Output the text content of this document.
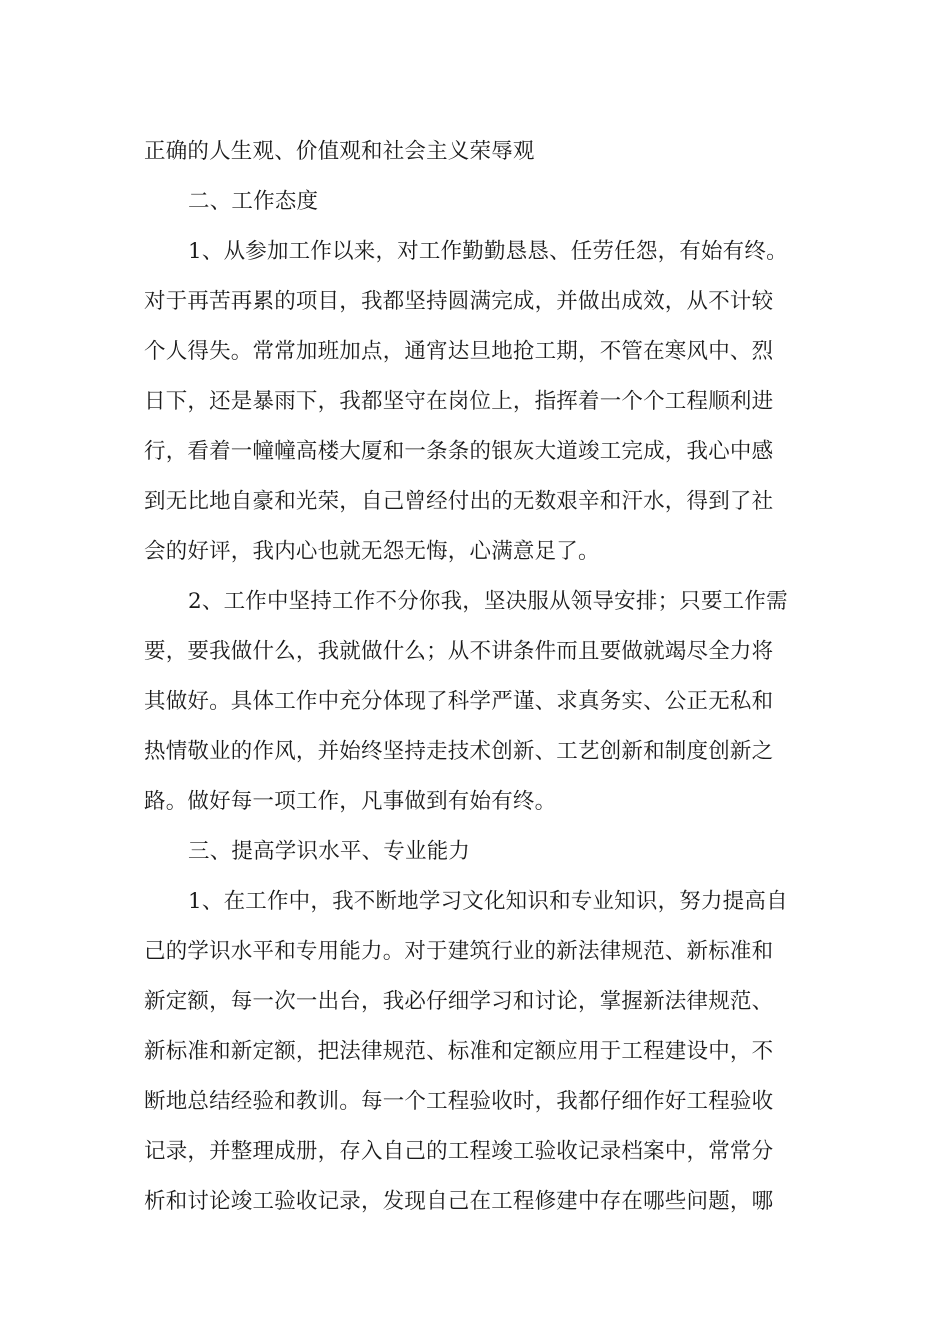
正确的人生观、价值观和社会主义荣辱观
二、工作态度
1、从参加工作以来，对工作勤勤恳恳、任劳任怨，有始有终。
对于再苦再累的项目，我都坚持圆满完成，并做出成效，从不计较
个人得失。常常加班加点，通宵达旦地抢工期，不管在寒风中、烈
日下，还是暴雨下，我都坚守在岗位上，指挥着一个个工程顺利进
行，看着一幢幢高楼大厦和一条条的银灰大道竣工完成，我心中感
到无比地自豪和光荣，自己曾经付出的无数艰辛和汗水，得到了社
会的好评，我内心也就无怨无悔，心满意足了。
2、工作中坚持工作不分你我，坚决服从领导安排；只要工作需
要，要我做什么，我就做什么；从不讲条件而且要做就竭尽全力将
其做好。具体工作中充分体现了科学严谨、求真务实、公正无私和
热情敬业的作风，并始终坚持走技术创新、工艺创新和制度创新之
路。做好每一项工作，凡事做到有始有终。
三、提高学识水平、专业能力
1、在工作中，我不断地学习文化知识和专业知识，努力提高自
己的学识水平和专用能力。对于建筑行业的新法律规范、新标准和
新定额，每一次一出台，我必仔细学习和讨论，掌握新法律规范、
新标准和新定额，把法律规范、标准和定额应用于工程建设中，不
断地总结经验和教训。每一个工程验收时，我都仔细作好工程验收
记录，并整理成册，存入自己的工程竣工验收记录档案中，常常分
析和讨论竣工验收记录，发现自己在工程修建中存在哪些问题，哪
